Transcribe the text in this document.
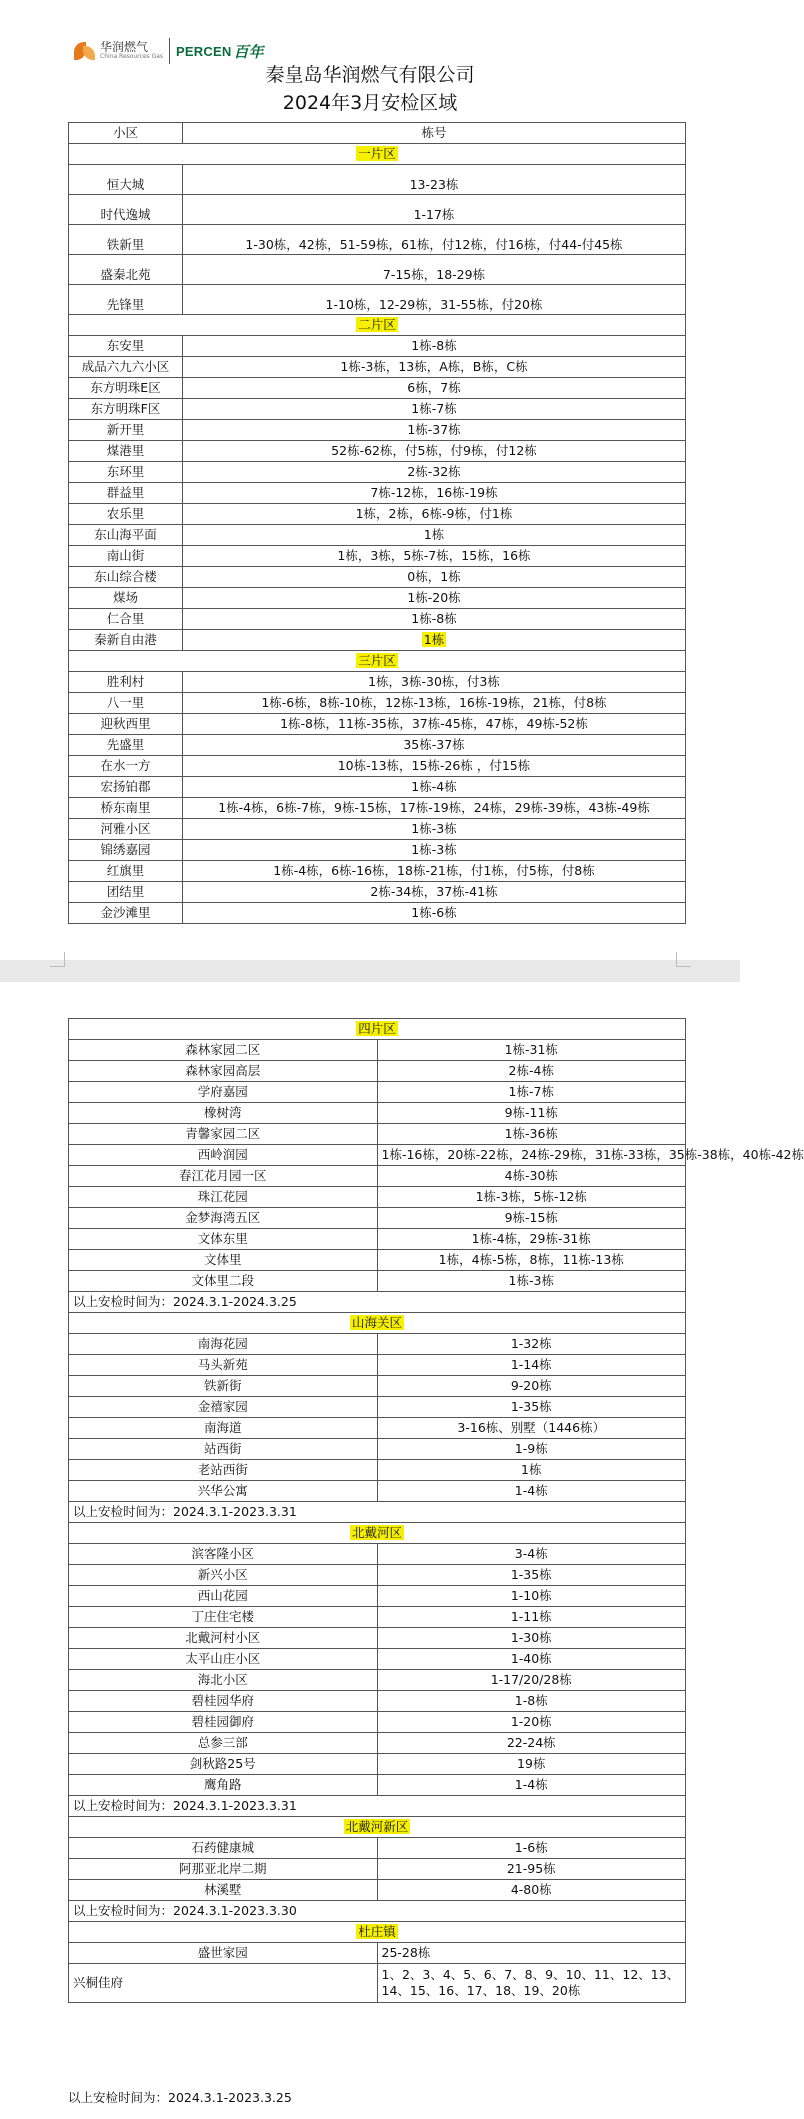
华润燃气
China Resources Gas PERCEN 百年
秦皇岛华润燃气有限公司
2024年3月安检区域
小区	栋号
一片区	
恒大城	13-23栋
时代逸城	1-17栋
铁新里	1-30栋，42栋，51-59栋，61栋，付12栋，付16栋，付44-付45栋
盛秦北苑	7-15栋，18-29栋
先锋里	1-10栋，12-29栋，31-55栋，付20栋
二片区	
东安里	1栋-8栋
成品六九六小区	1栋-3栋，13栋，A栋，B栋，C栋
东方明珠E区	6栋，7栋
东方明珠F区	1栋-7栋
新开里	1栋-37栋
煤港里	52栋-62栋，付5栋，付9栋，付12栋
东环里	2栋-32栋
群益里	7栋-12栋，16栋-19栋
农乐里	1栋，2栋，6栋-9栋，付1栋
东山海平面	1栋
南山街	1栋，3栋，5栋-7栋，15栋，16栋
东山综合楼	0栋，1栋
煤场	1栋-20栋
仁合里	1栋-8栋
秦新自由港	1栋
三片区	
胜利村	1栋，3栋-30栋，付3栋
八一里	1栋-6栋，8栋-10栋，12栋-13栋，16栋-19栋，21栋，付8栋
迎秋西里	1栋-8栋，11栋-35栋，37栋-45栋，47栋，49栋-52栋
先盛里	35栋-37栋
在水一方	10栋-13栋，15栋-26栋 ，付15栋
宏扬铂郡	1栋-4栋
桥东南里	1栋-4栋，6栋-7栋，9栋-15栋，17栋-19栋，24栋，29栋-39栋，43栋-49栋
河雅小区	1栋-3栋
锦绣嘉园	1栋-3栋
红旗里	1栋-4栋，6栋-16栋，18栋-21栋，付1栋，付5栋，付8栋
团结里	2栋-34栋，37栋-41栋
金沙滩里	1栋-6栋
四片区	
森林家园二区	1栋-31栋
森林家园高层	2栋-4栋
学府嘉园	1栋-7栋
橡树湾	9栋-11栋
青馨家园二区	1栋-36栋
西岭润园	1栋-16栋，20栋-22栋，24栋-29栋，31栋-33栋，35栋-38栋，40栋-42栋
春江花月园一区	4栋-30栋
珠江花园	1栋-3栋，5栋-12栋
金梦海湾五区	9栋-15栋
文体东里	1栋-4栋，29栋-31栋
文体里	1栋，4栋-5栋，8栋，11栋-13栋
文体里二段	1栋-3栋
以上安检时间为：2024.3.1-2024.3.25	
山海关区	
南海花园	1-32栋
马头新苑	1-14栋
铁新街	9-20栋
金禧家园	1-35栋
南海道	3-16栋、别墅（1446栋）
站西街	1-9栋
老站西街	1栋
兴华公寓	1-4栋
以上安检时间为：2024.3.1-2023.3.31	
北戴河区	
滨客隆小区	3-4栋
新兴小区	1-35栋
西山花园	1-10栋
丁庄住宅楼	1-11栋
北戴河村小区	1-30栋
太平山庄小区	1-40栋
海北小区	1-17/20/28栋
碧桂园华府	1-8栋
碧桂园御府	1-20栋
总参三部	22-24栋
剑秋路25号	19栋
鹰角路	1-4栋
以上安检时间为：2024.3.1-2023.3.31	
北戴河新区	
石药健康城	1-6栋
阿那亚北岸二期	21-95栋
林溪墅	4-80栋
以上安检时间为：2024.3.1-2023.3.30	
杜庄镇	
盛世家园	25-28栋
兴桐佳府	1、2、3、4、5、6、7、8、9、10、11、12、13、14、15、16、17、18、19、20栋
以上安检时间为：2024.3.1-2023.3.25
